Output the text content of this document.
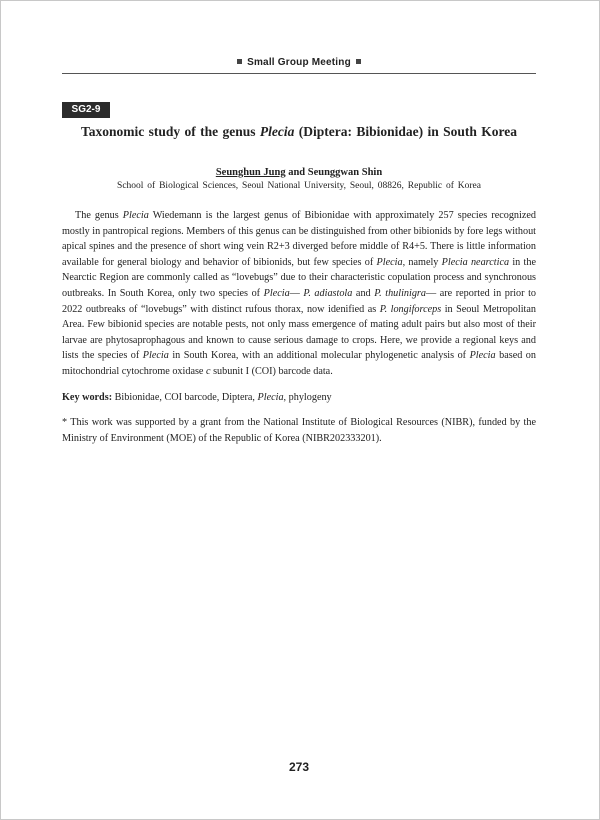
Small Group Meeting
SG2-9
Taxonomic study of the genus Plecia (Diptera: Bibionidae) in South Korea
Seunghun Jung and Seunggwan Shin
School of Biological Sciences, Seoul National University, Seoul, 08826, Republic of Korea

The genus Plecia Wiedemann is the largest genus of Bibionidae with approximately 257 species recognized mostly in pantropical regions. Members of this genus can be distinguished from other bibionids by fore legs without apical spines and the presence of short wing vein R2+3 diverged before middle of R4+5. There is little information available for general biology and behavior of bibionids, but few species of Plecia, namely Plecia nearctica in the Nearctic Region are commonly called as “lovebugs” due to their characteristic copulation process and synchronous outbreaks. In South Korea, only two species of Plecia— P. adiastola and P. thulinigra— are reported in prior to 2022 outbreaks of “lovebugs” with distinct rufous thorax, now idenified as P. longiforceps in Seoul Metropolitan Area. Few bibionid species are notable pests, not only mass emergence of mating adult pairs but also most of their larvae are phytosaprophagous and known to cause serious damage to crops. Here, we provide a regional keys and lists the species of Plecia in South Korea, with an additional molecular phylogenetic analysis of Plecia based on mitochondrial cytochrome oxidase c subunit I (COI) barcode data.

Key words: Bibionidae, COI barcode, Diptera, Plecia, phylogeny

* This work was supported by a grant from the National Institute of Biological Resources (NIBR), funded by the Ministry of Environment (MOE) of the Republic of Korea (NIBR202333201).

273
